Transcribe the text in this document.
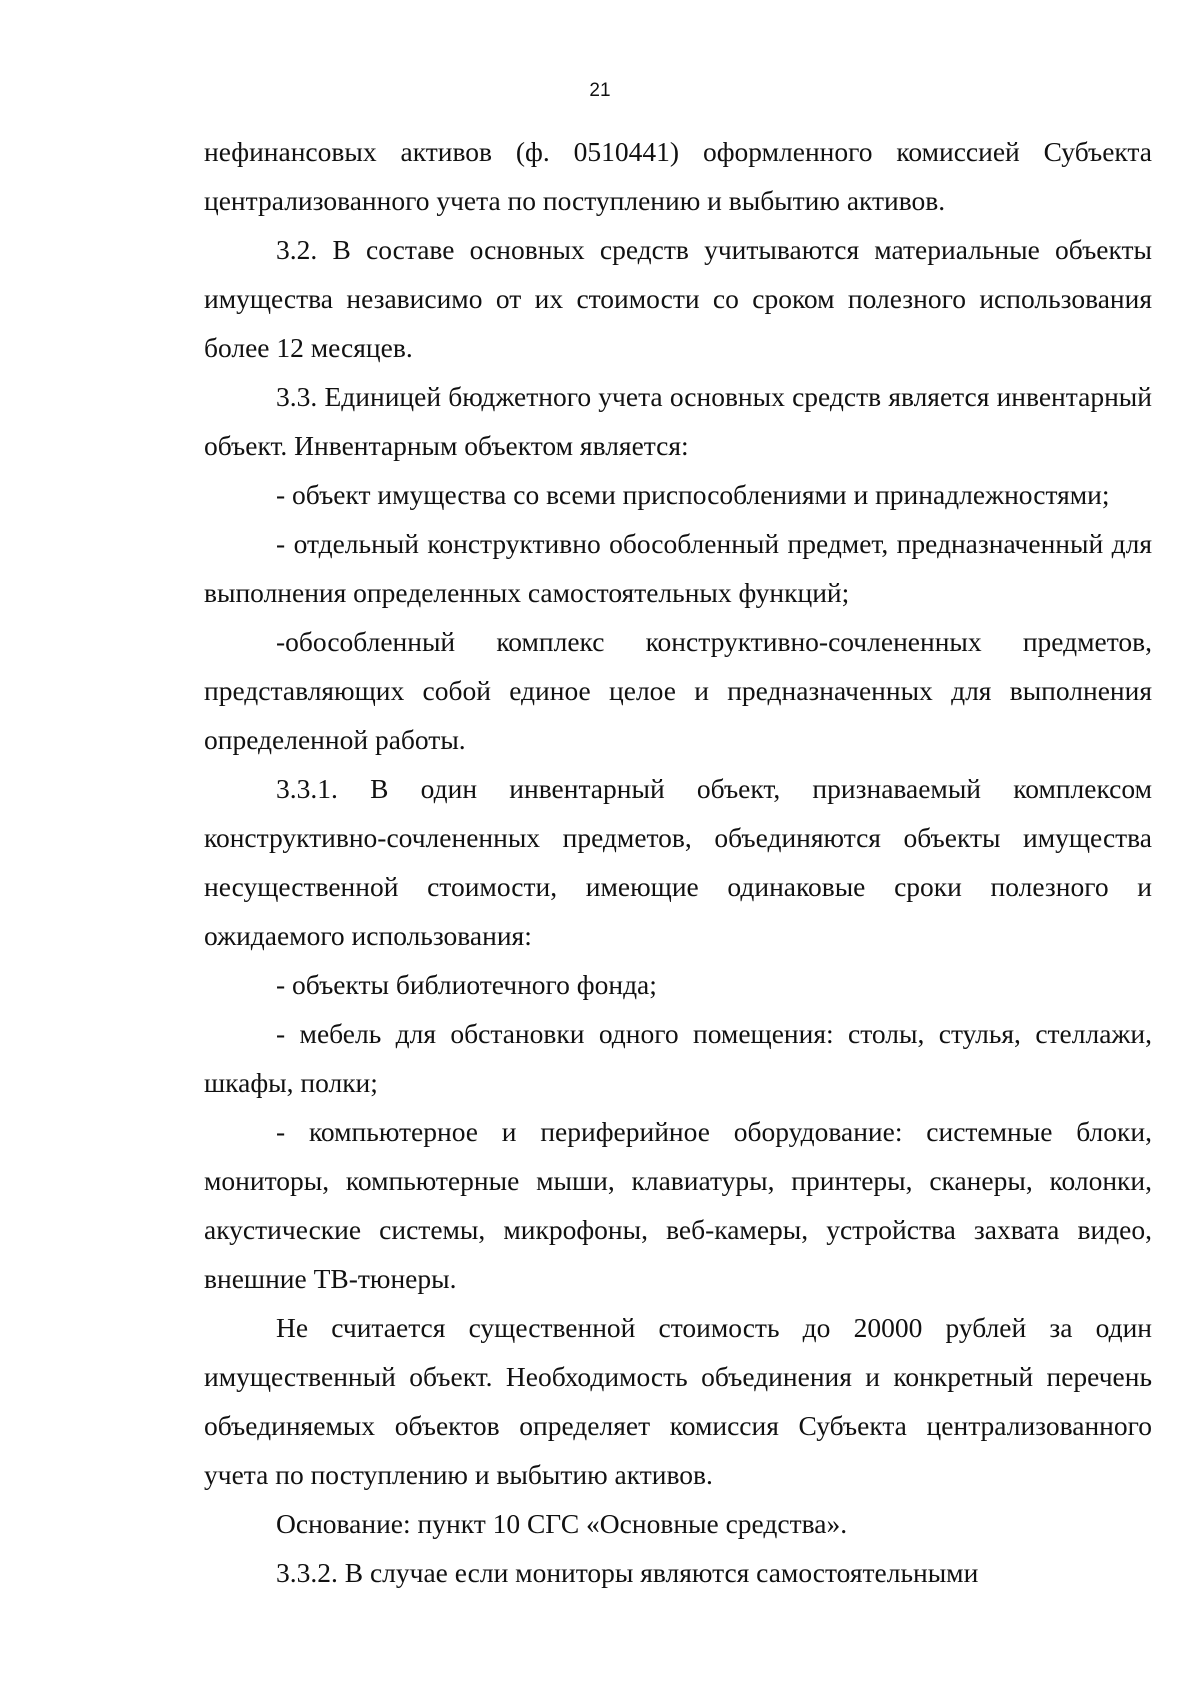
21

нефинансовых активов (ф. 0510441) оформленного комиссией Субъекта централизованного учета по поступлению и выбытию активов.

3.2. В составе основных средств учитываются материальные объекты имущества независимо от их стоимости со сроком полезного использования более 12 месяцев.

3.3. Единицей бюджетного учета основных средств является инвентарный объект. Инвентарным объектом является:

- объект имущества со всеми приспособлениями и принадлежностями;

- отдельный конструктивно обособленный предмет, предназначенный для выполнения определенных самостоятельных функций;

-обособленный комплекс конструктивно-сочлененных предметов, представляющих собой единое целое и предназначенных для выполнения определенной работы.

3.3.1. В один инвентарный объект, признаваемый комплексом конструктивно-сочлененных предметов, объединяются объекты имущества несущественной стоимости, имеющие одинаковые сроки полезного и ожидаемого использования:

- объекты библиотечного фонда;

- мебель для обстановки одного помещения: столы, стулья, стеллажи, шкафы, полки;

- компьютерное и периферийное оборудование: системные блоки, мониторы, компьютерные мыши, клавиатуры, принтеры, сканеры, колонки, акустические системы, микрофоны, веб-камеры, устройства захвата видео, внешние ТВ-тюнеры.

Не считается существенной стоимость до 20000 рублей за один имущественный объект. Необходимость объединения и конкретный перечень объединяемых объектов определяет комиссия Субъекта централизованного учета по поступлению и выбытию активов.

Основание: пункт 10 СГС «Основные средства».

3.3.2. В случае если мониторы являются самостоятельными
